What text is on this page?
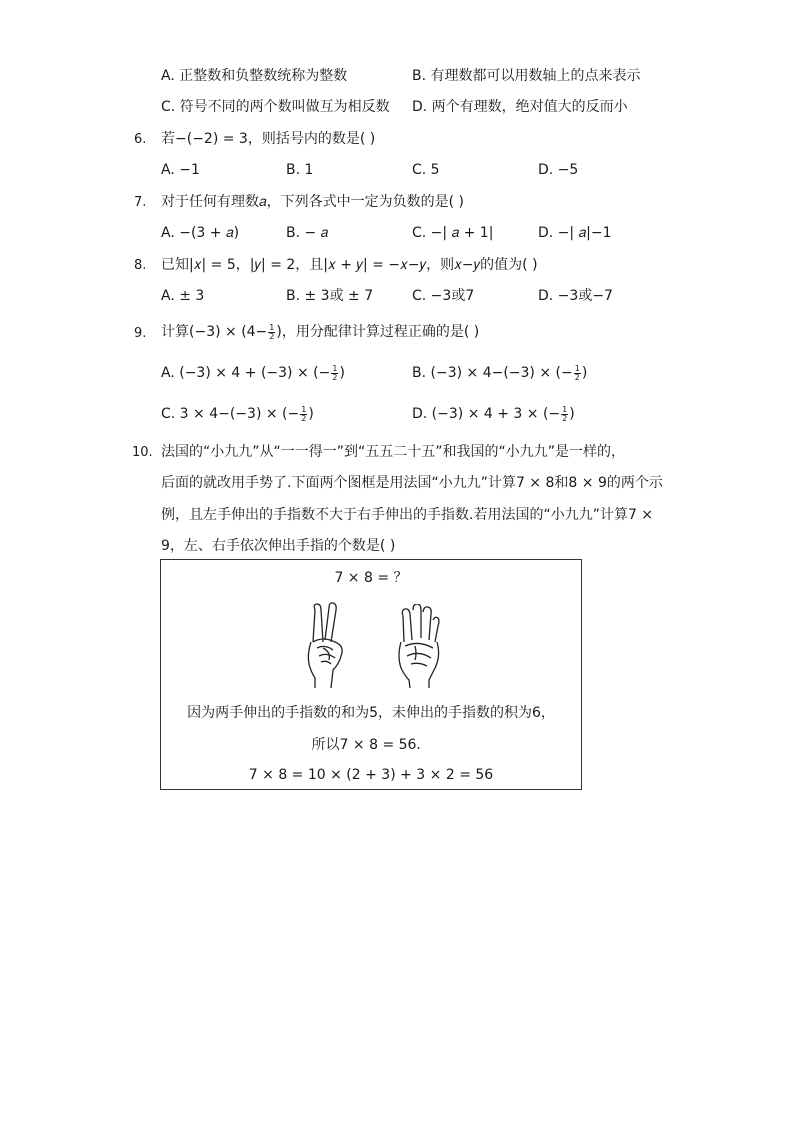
A. 正整数和负整数统称为整数	B. 有理数都可以用数轴上的点来表示
C. 符号不同的两个数叫做互为相反数 D. 两个有理数，绝对值大的反而小
6. 若−(−2) = 3，则括号内的数是( )
A. −1	B. 1	C. 5	D. −5
7. 对于任何有理数𝑎，下列各式中一定为负数的是( )
A. −(3 + 𝑎)	B. − 𝑎	C. −| 𝑎 + 1|	D. −| 𝑎|−1
8. 已知|𝑥| = 5，|𝑦| = 2，且|𝑥 + 𝑦| = −𝑥−𝑦，则𝑥−𝑦的值为( )
A. ± 3	B. ± 3或 ± 7	C. −3或7	D. −3或−7
9. 计算$(-3) \times (4- \frac{1}{2}$ )，用分配律计算过程正确的是( )
A. (−3) × 4 + (−3) × (− $\frac{1}{2}$ )	B. (−3) × 4−(−3) × (− $\frac{1}{2}$ )
C. 3 × 4−(−3) × (− $\frac{1}{2}$ )	D. (−3) × 4 + 3 × (− $\frac{1}{2}$ )
10. 法国的“小九九”从“一一得一”到“五五二十五”和我国的“小九九”是一样的，
后面的就改用手势了.下面两个图框是用法国“小九九”计算7 × 8和8 × 9的两个示
例，且左手伸出的手指数不大于右手伸出的手指数.若用法国的“小九九”计算7 ×
9，左、右手依次伸出手指的个数是( )
7 × 8 = ？
因为两手伸出的手指数的和为5，未伸出的手指数的积为6，
所以7 × 8 = 56．
7 × 8 = 10 × (2 + 3) + 3 × 2 = 56
